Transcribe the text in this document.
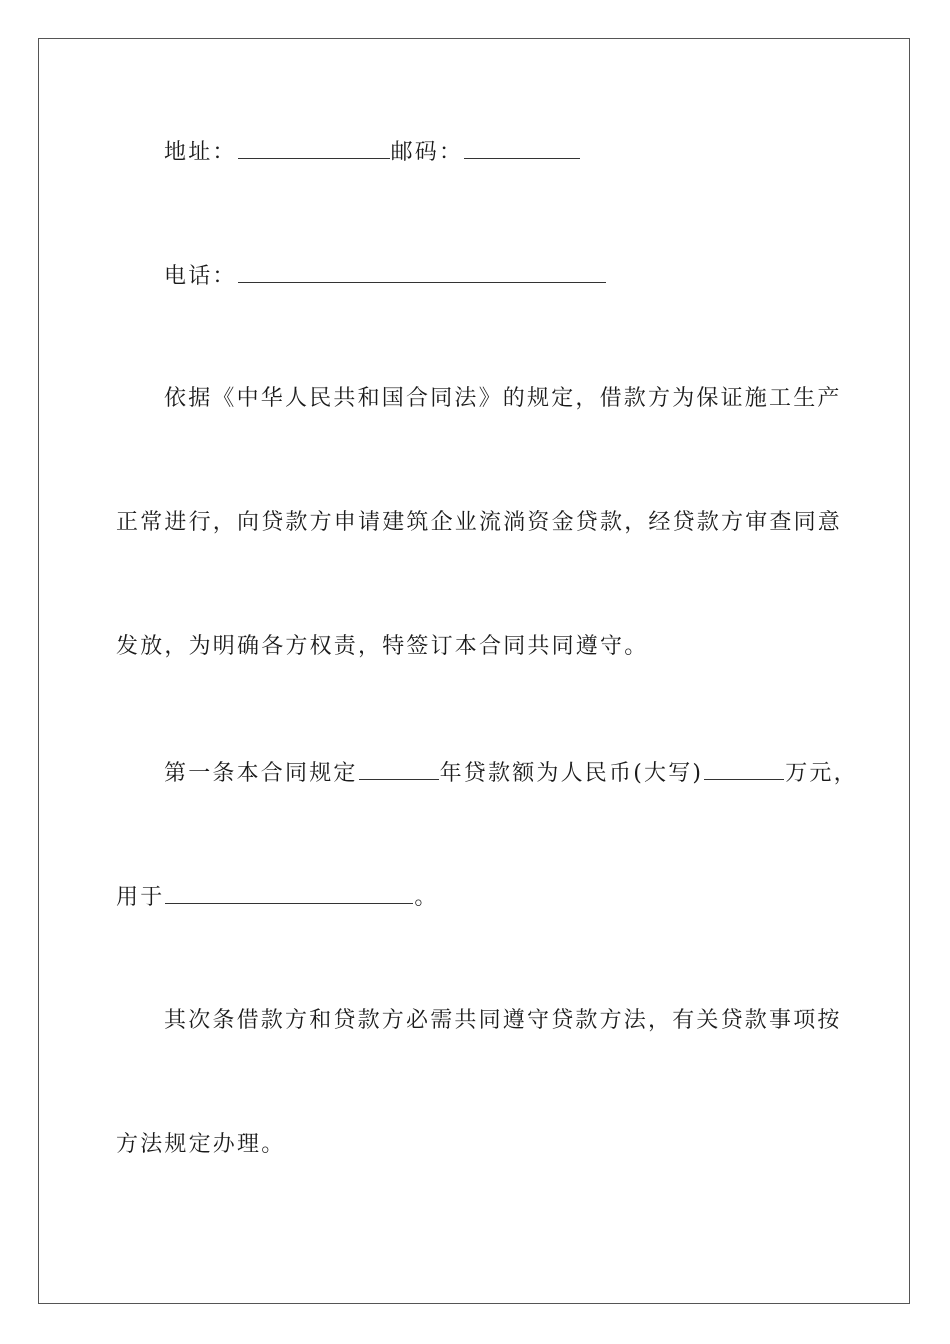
地址：	邮码：
电话：
依据《中华人民共和国合同法》的规定，借款方为保证施工生产
正常进行，向贷款方申请建筑企业流淌资金贷款，经贷款方审查同意
发放，为明确各方权责，特签订本合同共同遵守。
第一条本合同规定	年贷款额为人民币(大写)	万元，
用于	。
其次条借款方和贷款方必需共同遵守贷款方法，有关贷款事项按
方法规定办理。
